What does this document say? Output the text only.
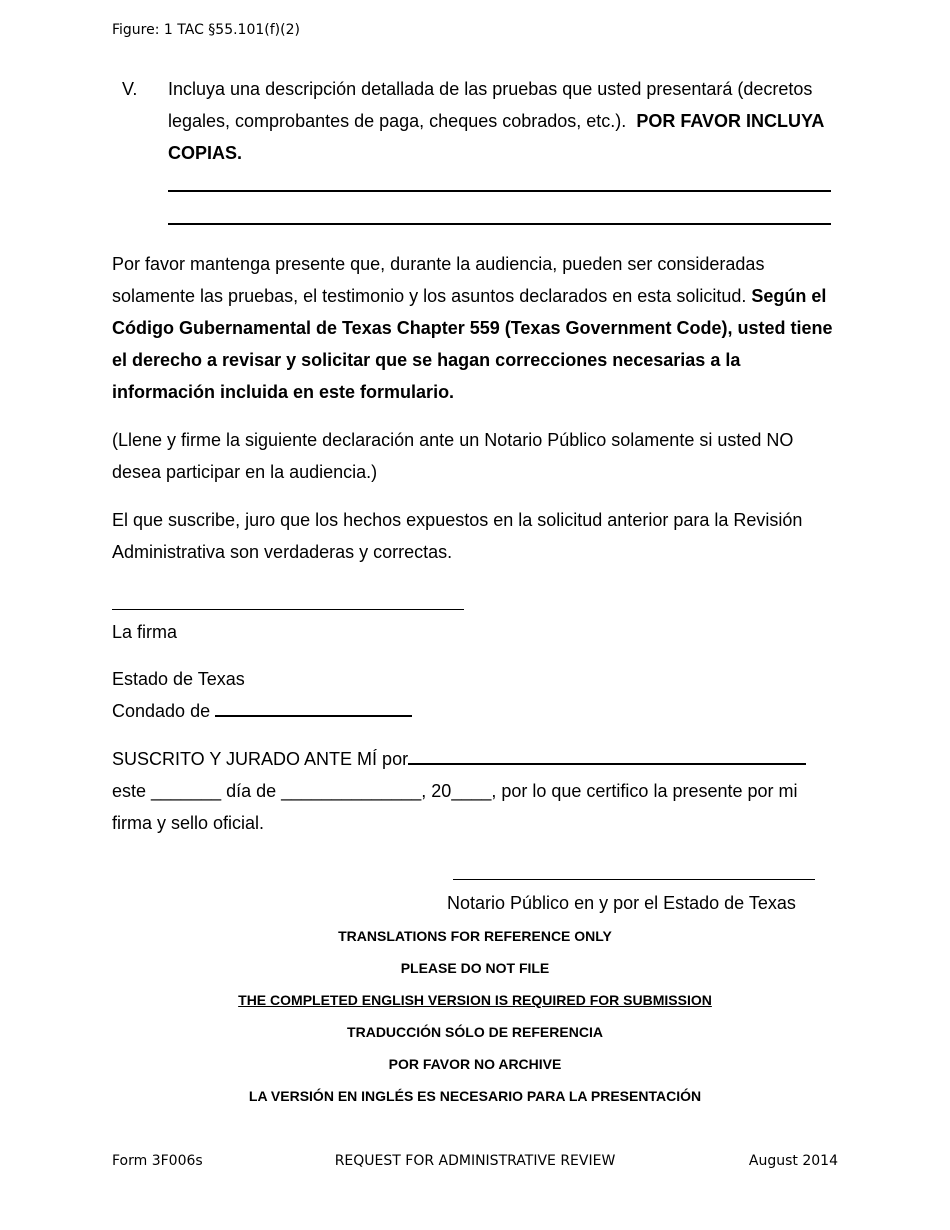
Figure: 1 TAC §55.101(f)(2)
V. Incluya una descripción detallada de las pruebas que usted presentará (decretos legales, comprobantes de paga, cheques cobrados, etc.). POR FAVOR INCLUYA COPIAS.
Por favor mantenga presente que, durante la audiencia, pueden ser consideradas solamente las pruebas, el testimonio y los asuntos declarados en esta solicitud. Según el Código Gubernamental de Texas Chapter 559 (Texas Government Code), usted tiene el derecho a revisar y solicitar que se hagan correcciones necesarias a la información incluida en este formulario.
(Llene y firme la siguiente declaración ante un Notario Público solamente si usted NO desea participar en la audiencia.)
El que suscribe, juro que los hechos expuestos en la solicitud anterior para la Revisión Administrativa son verdaderas y correctas.
La firma
Estado de Texas
Condado de
SUSCRITO Y JURADO ANTE MÍ por
este _______ día de ______________, 20____, por lo que certifico la presente por mi
firma y sello oficial.
Notario Público en y por el Estado de Texas
TRANSLATIONS FOR REFERENCE ONLY
PLEASE DO NOT FILE
THE COMPLETED ENGLISH VERSION IS REQUIRED FOR SUBMISSION
TRADUCCIÓN SÓLO DE REFERENCIA
POR FAVOR NO ARCHIVE
LA VERSIÓN EN INGLÉS ES NECESARIO PARA LA PRESENTACIÓN
Form 3F006s	REQUEST FOR ADMINISTRATIVE REVIEW	August 2014
